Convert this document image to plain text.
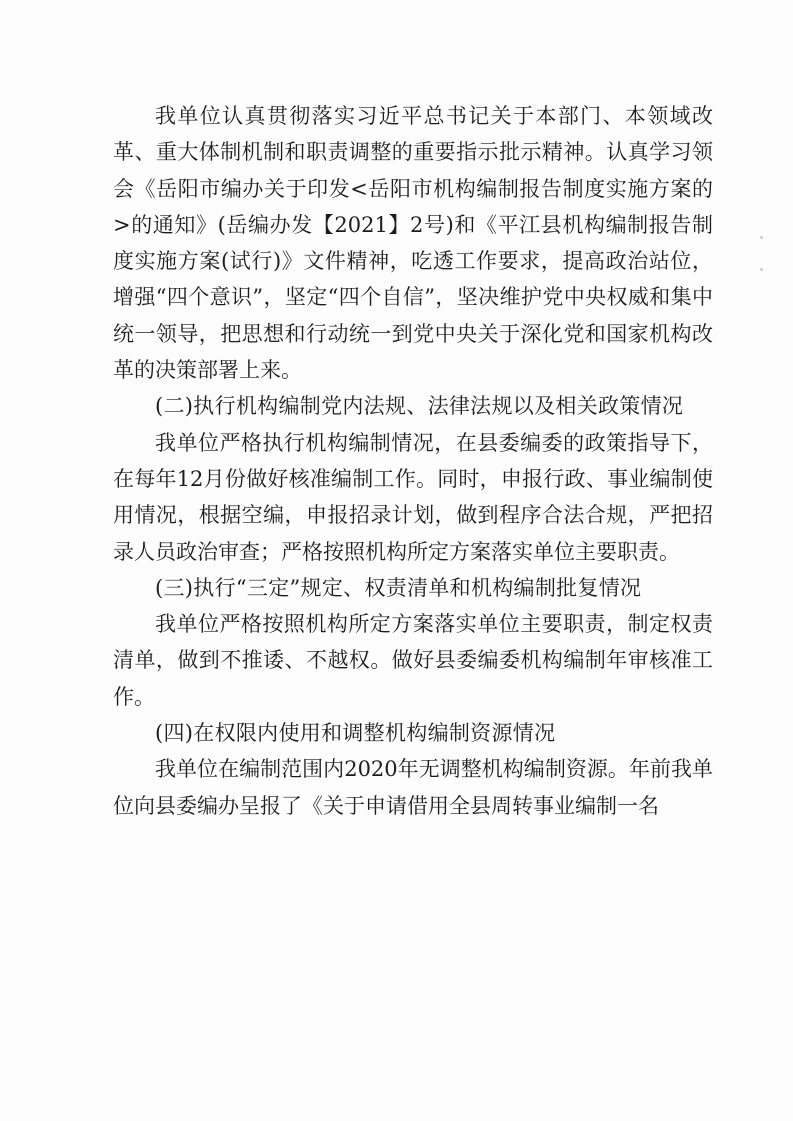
我单位认真贯彻落实习近平总书记关于本部门、本领域改革、重大体制机制和职责调整的重要指示批示精神。认真学习领会《岳阳市编办关于印发<岳阳市机构编制报告制度实施方案的>的通知》(岳编办发【2021】2号)和《平江县机构编制报告制度实施方案(试行)》文件精神，吃透工作要求，提高政治站位，增强“四个意识”，坚定“四个自信”，坚决维护党中央权威和集中统一领导，把思想和行动统一到党中央关于深化党和国家机构改革的决策部署上来。

(二)执行机构编制党内法规、法律法规以及相关政策情况

我单位严格执行机构编制情况，在县委编委的政策指导下，在每年12月份做好核准编制工作。同时，申报行政、事业编制使用情况，根据空编，申报招录计划，做到程序合法合规，严把招录人员政治审查；严格按照机构所定方案落实单位主要职责。

(三)执行“三定”规定、权责清单和机构编制批复情况

我单位严格按照机构所定方案落实单位主要职责，制定权责清单，做到不推诿、不越权。做好县委编委机构编制年审核准工作。

(四)在权限内使用和调整机构编制资源情况

我单位在编制范围内2020年无调整机构编制资源。年前我单位向县委编办呈报了《关于申请借用全县周转事业编制一名
